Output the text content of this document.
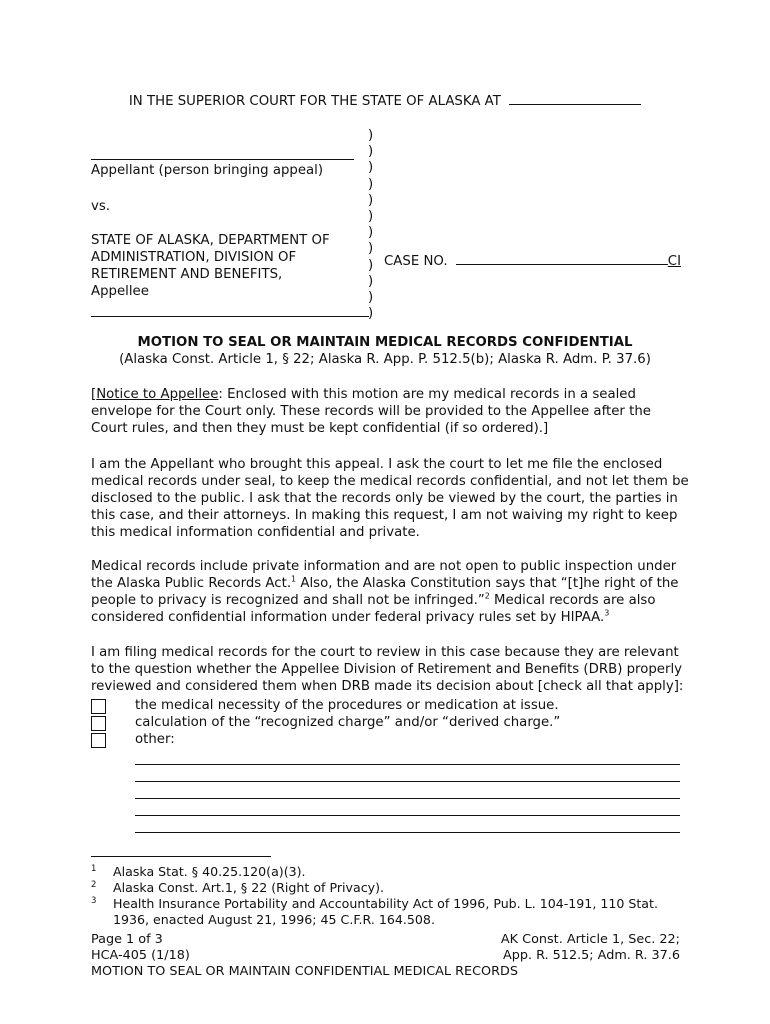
IN THE SUPERIOR COURT FOR THE STATE OF ALASKA AT
)
)
)
)
)
)
)
)
)
)
)
)
Appellant (person bringing appeal)
vs.
STATE OF ALASKA, DEPARTMENT OF
ADMINISTRATION, DIVISION OF
RETIREMENT AND BENEFITS,
Appellee
CASE NO.	CI
MOTION TO SEAL OR MAINTAIN MEDICAL RECORDS CONFIDENTIAL
(Alaska Const. Article 1, § 22; Alaska R. App. P. 512.5(b); Alaska R. Adm. P. 37.6)

[Notice to Appellee: Enclosed with this motion are my medical records in a sealed envelope for the Court only. These records will be provided to the Appellee after the Court rules, and then they must be kept confidential (if so ordered).]

I am the Appellant who brought this appeal. I ask the court to let me file the enclosed medical records under seal, to keep the medical records confidential, and not let them be disclosed to the public. I ask that the records only be viewed by the court, the parties in this case, and their attorneys. In making this request, I am not waiving my right to keep this medical information confidential and private.
Medical records include private information and are not open to public inspection under the Alaska Public Records Act.$^1$ Also, the Alaska Constitution says that “[t]he right of the people to privacy is recognized and shall not be infringed.”$^2$ Medical records are also considered confidential information under federal privacy rules set by HIPAA.$^3$
I am filing medical records for the court to review in this case because they are relevant to the question whether the Appellee Division of Retirement and Benefits (DRB) properly reviewed and considered them when DRB made its decision about [check all that apply]:
the medical necessity of the procedures or medication at issue.
calculation of the “recognized charge” and/or “derived charge.”
other:
1 Alaska Stat. § 40.25.120(a)(3).
2 Alaska Const. Art.1, § 22 (Right of Privacy).
3 Health Insurance Portability and Accountability Act of 1996, Pub. L. 104-191, 110 Stat. 1936, enacted August 21, 1996; 45 C.F.R. 164.508.
Page 1 of 3
HCA-405 (1/18)
MOTION TO SEAL OR MAINTAIN CONFIDENTIAL MEDICAL RECORDS
AK Const. Article 1, Sec. 22;
App. R. 512.5; Adm. R. 37.6
